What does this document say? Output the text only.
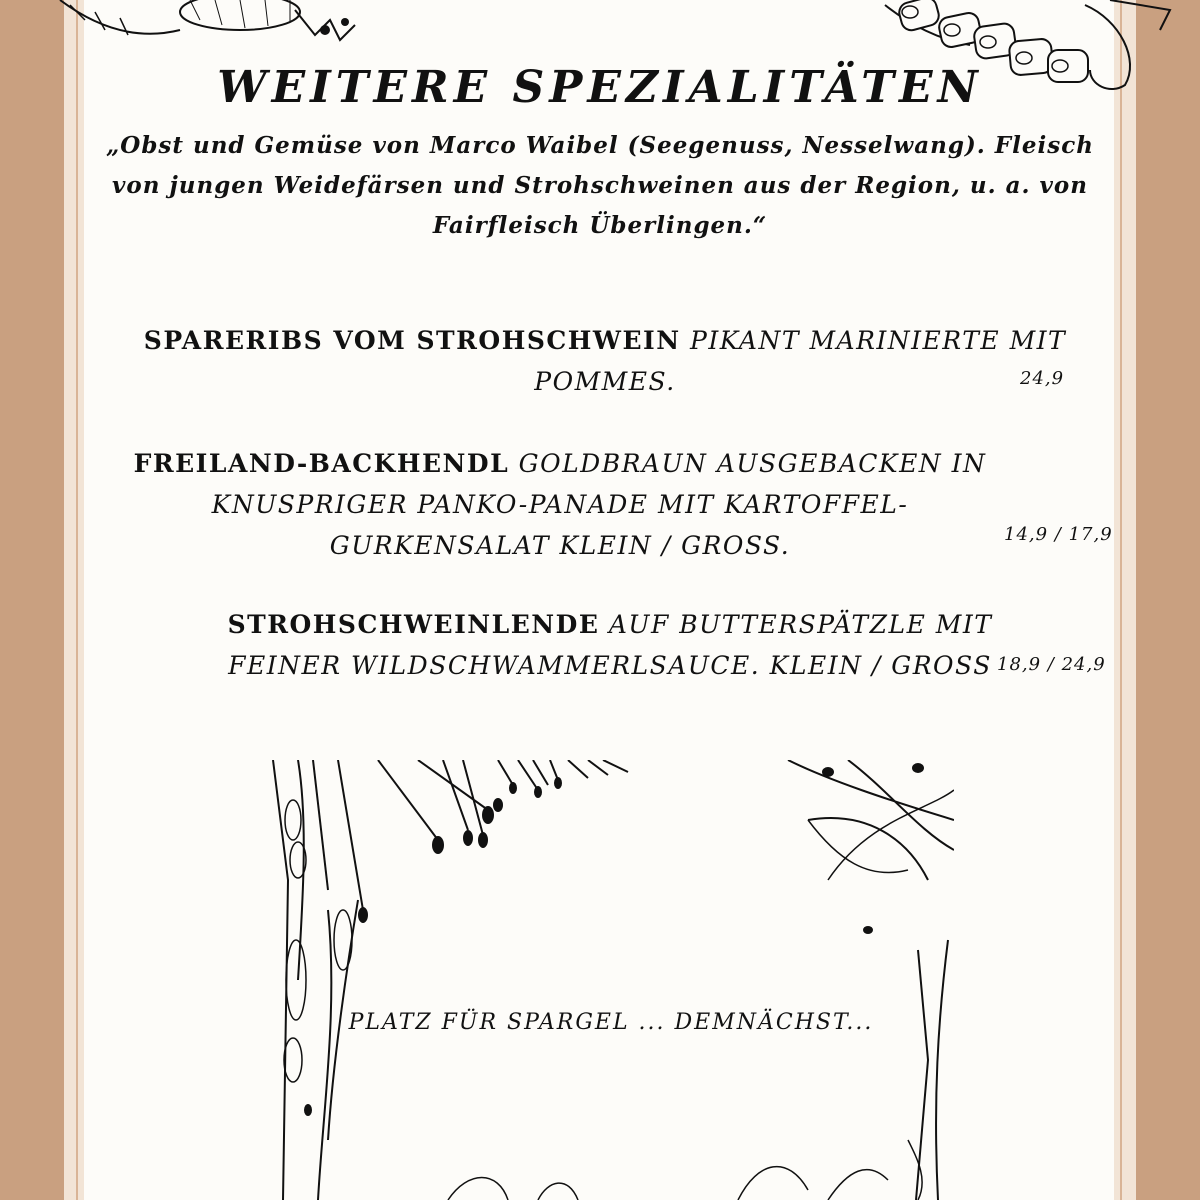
WEITERE SPEZIALITÄTEN
„Obst und Gemüse von Marco Waibel (Seegenuss, Nesselwang). Fleisch von jungen Weidefärsen und Strohschweinen aus der Region, u. a. von Fairfleisch Überlingen.“
SPARERIBS VOM STROHSCHWEIN PIKANT MARINIERTE MIT POMMES.	24,9
FREILAND-BACKHENDL GOLDBRAUN AUSGEBACKEN IN KNUSPRIGER PANKO-PANADE MIT KARTOFFEL-GURKENSALAT KLEIN / GROSS.	14,9 / 17,9
STROHSCHWEINLENDE AUF BUTTERSPÄTZLE MIT FEINER WILDSCHWAMMERLSAUCE. KLEIN / GROSS 18,9 / 24,9
PLATZ FÜR SPARGEL ... DEMNÄCHST...
